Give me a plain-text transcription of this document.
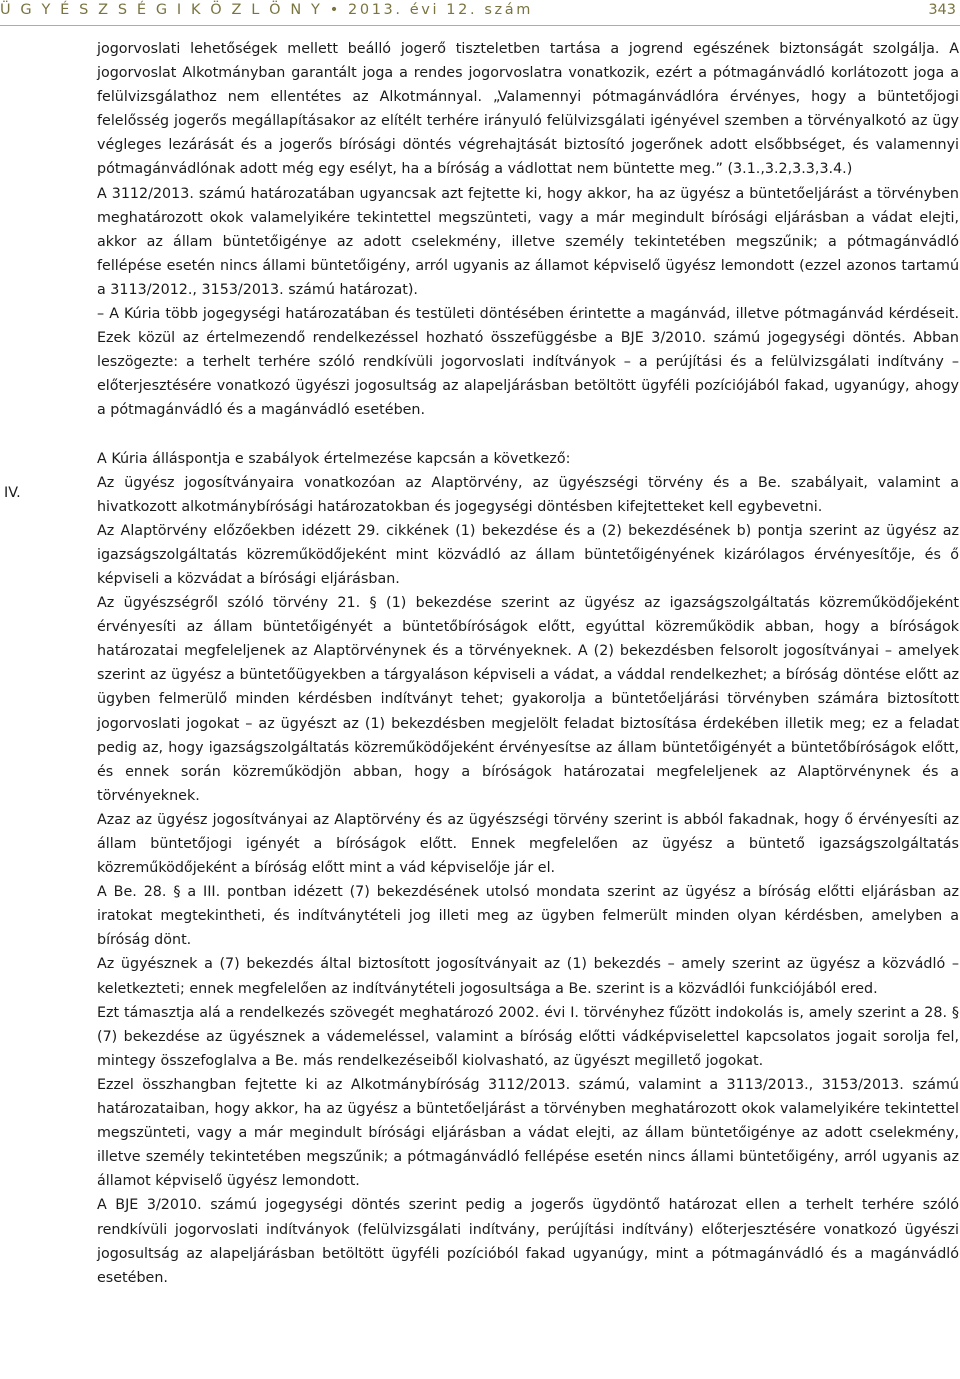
Ü G Y É S Z S É G I K Ö Z L Ö N Y • 2013. évi 12. szám	343
IV.

jogorvoslati lehetőségek mellett beálló jogerő tiszteletben tartása a jogrend egészének biztonságát szolgálja. A jogorvoslat Alkotmányban garantált joga a rendes jogorvoslatra vonatkozik, ezért a pótmagánvádló korlátozott joga a felülvizsgálathoz nem ellentétes az Alkotmánnyal. „Valamennyi pótmagánvádlóra érvényes, hogy a büntetőjogi felelősség jogerős megállapításakor az elítélt terhére irányuló felülvizsgálati igényével szemben a törvényalkotó az ügy végleges lezárását és a jogerős bírósági döntés végrehajtását biztosító jogerőnek adott elsőbbséget, és valamennyi pótmagánvádlónak adott még egy esélyt, ha a bíróság a vádlottat nem büntette meg.” (3.1.,3.2,3.3,3.4.)

A 3112/2013. számú határozatában ugyancsak azt fejtette ki, hogy akkor, ha az ügyész a büntetőeljárást a törvényben meghatározott okok valamelyikére tekintettel megszünteti, vagy a már megindult bírósági eljárásban a vádat elejti, akkor az állam büntetőigénye az adott cselekmény, illetve személy tekintetében megszűnik; a pótmagánvádló fellépése esetén nincs állami büntetőigény, arról ugyanis az államot képviselő ügyész lemondott (ezzel azonos tartamú a 3113/2012., 3153/2013. számú határozat).

– A Kúria több jogegységi határozatában és testületi döntésében érintette a magánvád, illetve pótmagánvád kérdéseit. Ezek közül az értelmezendő rendelkezéssel hozható összefüggésbe a BJE 3/2010. számú jogegységi döntés. Abban leszögezte: a terhelt terhére szóló rendkívüli jogorvoslati indítványok – a perújítási és a felülvizsgálati indítvány – előterjesztésére vonatkozó ügyészi jogosultság az alapeljárásban betöltött ügyféli pozíciójából fakad, ugyanúgy, ahogy a pótmagánvádló és a magánvádló esetében.

A Kúria álláspontja e szabályok értelmezése kapcsán a következő:

Az ügyész jogosítványaira vonatkozóan az Alaptörvény, az ügyészségi törvény és a Be. szabályait, valamint a hivatkozott alkotmánybírósági határozatokban és jogegységi döntésben kifejtetteket kell egybevetni.

Az Alaptörvény előzőekben idézett 29. cikkének (1) bekezdése és a (2) bekezdésének b) pontja szerint az ügyész az igazságszolgáltatás közreműködőjeként mint közvádló az állam büntetőigényének kizárólagos érvényesítője, és ő képviseli a közvádat a bírósági eljárásban.

Az ügyészségről szóló törvény 21. § (1) bekezdése szerint az ügyész az igazságszolgáltatás közreműködőjeként érvényesíti az állam büntetőigényét a büntetőbíróságok előtt, egyúttal közreműködik abban, hogy a bíróságok határozatai megfeleljenek az Alaptörvénynek és a törvényeknek. A (2) bekezdésben felsorolt jogosítványai – amelyek szerint az ügyész a büntetőügyekben a tárgyaláson képviseli a vádat, a váddal rendelkezhet; a bíróság döntése előtt az ügyben felmerülő minden kérdésben indítványt tehet; gyakorolja a büntetőeljárási törvényben számára biztosított jogorvoslati jogokat – az ügyészt az (1) bekezdésben megjelölt feladat biztosítása érdekében illetik meg; ez a feladat pedig az, hogy igazságszolgáltatás közreműködőjeként érvényesítse az állam büntetőigényét a büntetőbíróságok előtt, és ennek során közreműködjön abban, hogy a bíróságok határozatai megfeleljenek az Alaptörvénynek és a törvényeknek.

Azaz az ügyész jogosítványai az Alaptörvény és az ügyészségi törvény szerint is abból fakadnak, hogy ő érvényesíti az állam büntetőjogi igényét a bíróságok előtt. Ennek megfelelően az ügyész a büntető igazságszolgáltatás közreműködőjeként a bíróság előtt mint a vád képviselője jár el.

A Be. 28. § a III. pontban idézett (7) bekezdésének utolsó mondata szerint az ügyész a bíróság előtti eljárásban az iratokat megtekintheti, és indítványtételi jog illeti meg az ügyben felmerült minden olyan kérdésben, amelyben a bíróság dönt.

Az ügyésznek a (7) bekezdés által biztosított jogosítványait az (1) bekezdés – amely szerint az ügyész a közvádló – keletkezteti; ennek megfelelően az indítványtételi jogosultsága a Be. szerint is a közvádlói funkciójából ered.

Ezt támasztja alá a rendelkezés szövegét meghatározó 2002. évi I. törvényhez fűzött indokolás is, amely szerint a 28. § (7) bekezdése az ügyésznek a vádemeléssel, valamint a bíróság előtti vádképviselettel kapcsolatos jogait sorolja fel, mintegy összefoglalva a Be. más rendelkezéseiből kiolvasható, az ügyészt megillető jogokat.

Ezzel összhangban fejtette ki az Alkotmánybíróság 3112/2013. számú, valamint a 3113/2013., 3153/2013. számú határozataiban, hogy akkor, ha az ügyész a büntetőeljárást a törvényben meghatározott okok valamelyikére tekintettel megszünteti, vagy a már megindult bírósági eljárásban a vádat elejti, az állam büntetőigénye az adott cselekmény, illetve személy tekintetében megszűnik; a pótmagánvádló fellépése esetén nincs állami büntetőigény, arról ugyanis az államot képviselő ügyész lemondott.

A BJE 3/2010. számú jogegységi döntés szerint pedig a jogerős ügydöntő határozat ellen a terhelt terhére szóló rendkívüli jogorvoslati indítványok (felülvizsgálati indítvány, perújítási indítvány) előterjesztésére vonatkozó ügyészi jogosultság az alapeljárásban betöltött ügyféli pozícióból fakad ugyanúgy, mint a pótmagánvádló és a magánvádló esetében.
